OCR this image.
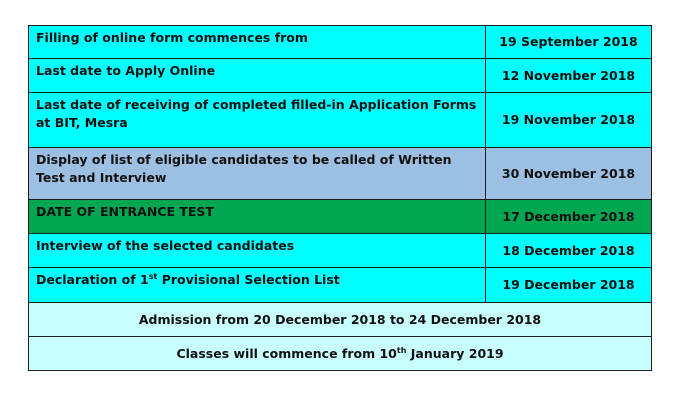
Filling of online form commences from	19 September 2018
Last date to Apply Online	12 November 2018
Last date of receiving of completed filled-in Application Forms at BIT, Mesra	19 November 2018
Display of list of eligible candidates to be called of Written Test and Interview	30 November 2018
DATE OF ENTRANCE TEST	17 December 2018
Interview of the selected candidates	18 December 2018
Declaration of 1st Provisional Selection List	19 December 2018
Admission from 20 December 2018 to 24 December 2018	
Classes will commence from 10th January 2019	
